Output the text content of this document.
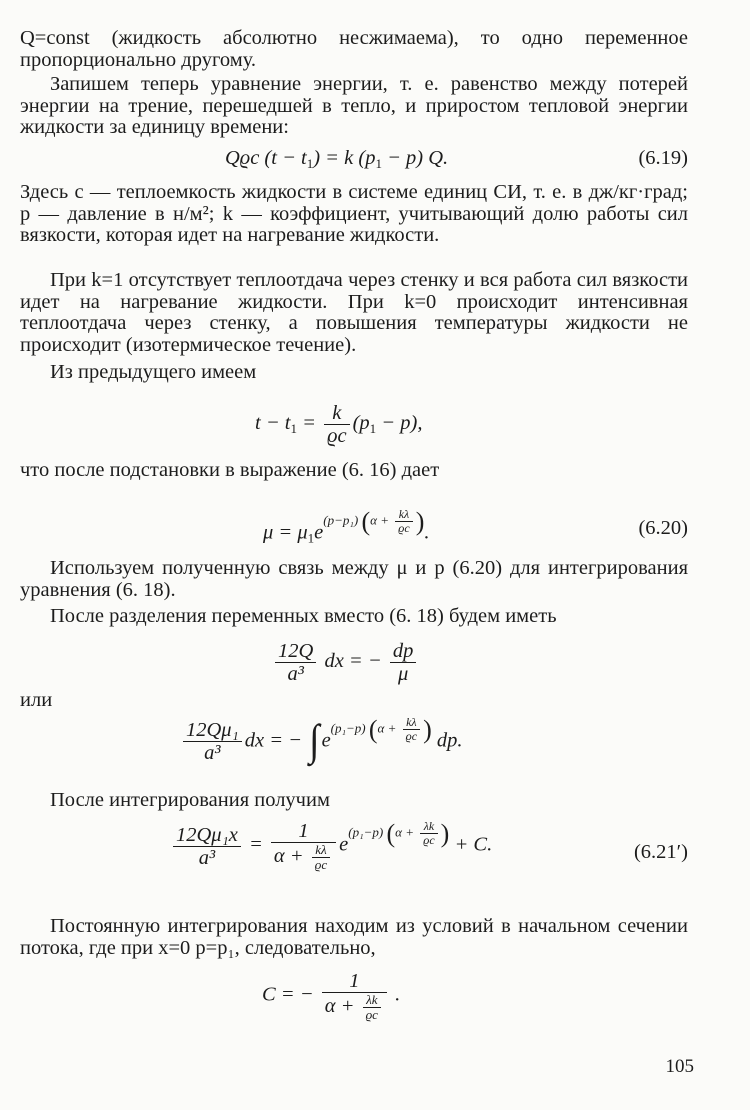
Q=const (жидкость абсолютно несжимаема), то одно переменное пропорционально другому.

Запишем теперь уравнение энергии, т. е. равенство между потерей энергии на трение, перешедшей в тепло, и приростом тепловой энергии жидкости за единицу времени:

Qϱc $(t - t_1) = k$ $(p_1 - p)$ Q.	(6.19)

Здесь c — теплоемкость жидкости в системе единиц СИ, т. е. в дж/кг·град; p — давление в н/м²; k — коэффициент, учитывающий долю работы сил вязкости, которая идет на нагревание жидкости.

При k=1 отсутствует теплоотдача через стенку и вся работа сил вязкости идет на нагревание жидкости. При k=0 происходит интенсивная теплоотдача через стенку, а повышения температуры жидкости не происходит (изотермическое течение).

Из предыдущего имеем

$t - t_1 = \frac{k}{ϱc} (p_1 - p)$,

что после подстановки в выражение (6. 16) дает

$\mu = \mu_1e(p-p_1) (\alpha + \frac{k\lambda}{ϱc}$ ).	(6.20)

Используем полученную связь между μ и p (6.20) для интегрирования уравнения (6. 18).

После разделения переменных вместо (6. 18) будем иметь

$\frac{12Q}{\text{a³}}$ dx = − $\frac{dp}{\mu}$

или

$\frac{\text{12Qμ₁}}{\text{a³}}$ dx = − ∫e(p₁−p) ($\alpha + \frac{k\lambda}{ϱc}$ ) dp.

После интегрирования получим

$\frac{\text{12Qμ₁x}}{\text{a³}} = \frac{1}{\alpha + \frac{k\lambda}{ϱc}} e(p_1-p) (\alpha + \frac{\lambda k}{ϱc}$ ) + C.	(6.21′)

Постоянную интегрирования находим из условий в начальном сечении потока, где при x=0 p=p₁, следовательно,

C = − $\frac{1}{\alpha + \frac{\lambda k}{ϱc}}$ .
105
